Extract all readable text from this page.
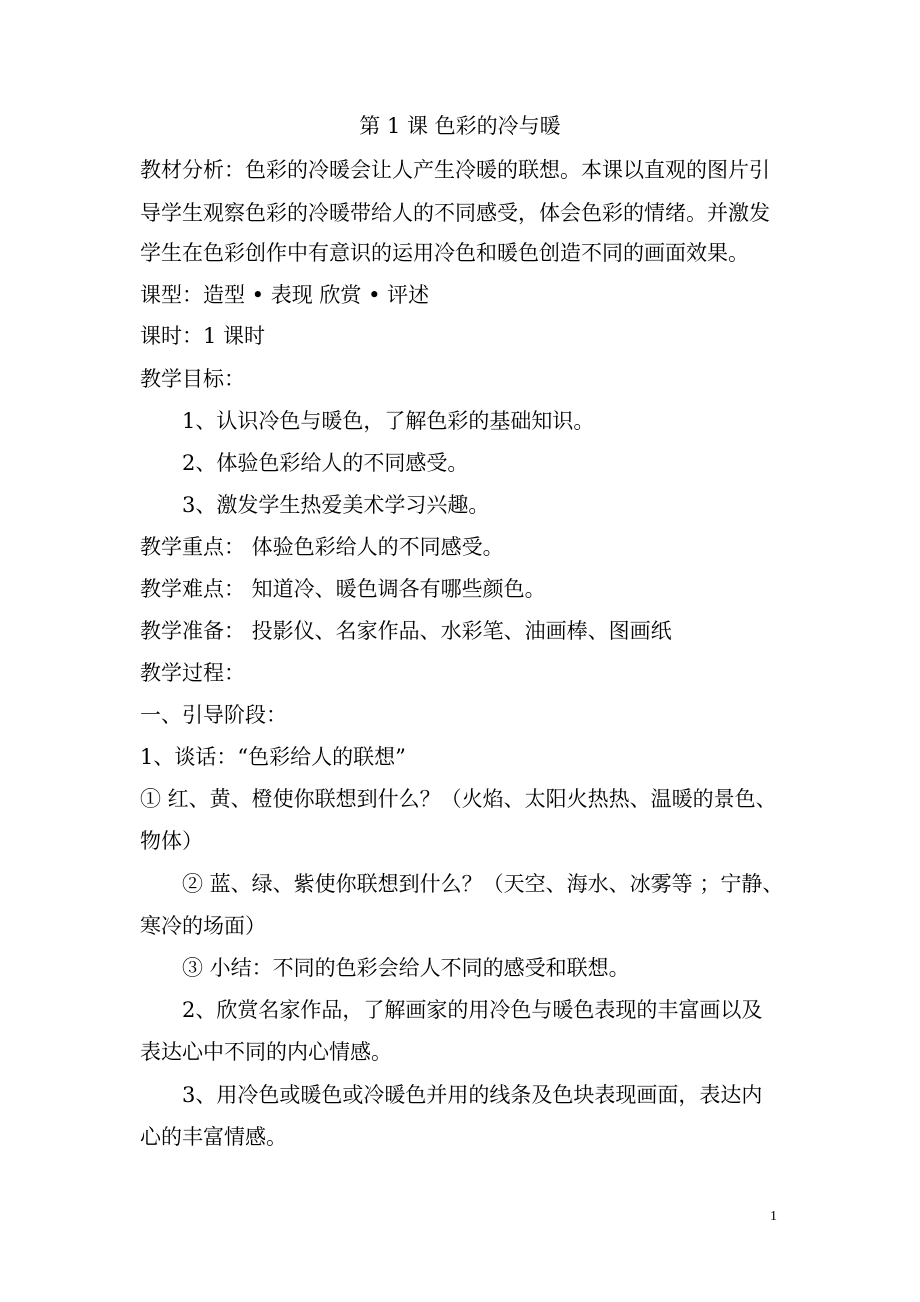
第 1 课 色彩的冷与暖
教材分析：色彩的冷暖会让人产生冷暖的联想。本课以直观的图片引
导学生观察色彩的冷暖带给人的不同感受，体会色彩的情绪。并激发
学生在色彩创作中有意识的运用冷色和暖色创造不同的画面效果。
课型：造型 • 表现 欣赏 • 评述
课时：1 课时
教学目标：
1、认识冷色与暖色，了解色彩的基础知识。
2、体验色彩给人的不同感受。
3、激发学生热爱美术学习兴趣。
教学重点： 体验色彩给人的不同感受。
教学难点： 知道冷、暖色调各有哪些颜色。
教学准备： 投影仪、名家作品、水彩笔、油画棒、图画纸
教学过程：
一、引导阶段：
1、谈话：“色彩给人的联想”
① 红、黄、橙使你联想到什么？（火焰、太阳火热热、温暖的景色、
物体）
② 蓝、绿、紫使你联想到什么？（天空、海水、冰雾等 ；宁静、
寒冷的场面）
③ 小结：不同的色彩会给人不同的感受和联想。
2、欣赏名家作品，了解画家的用冷色与暖色表现的丰富画以及
表达心中不同的内心情感。
3、用冷色或暖色或冷暖色并用的线条及色块表现画面，表达内
心的丰富情感。
1
